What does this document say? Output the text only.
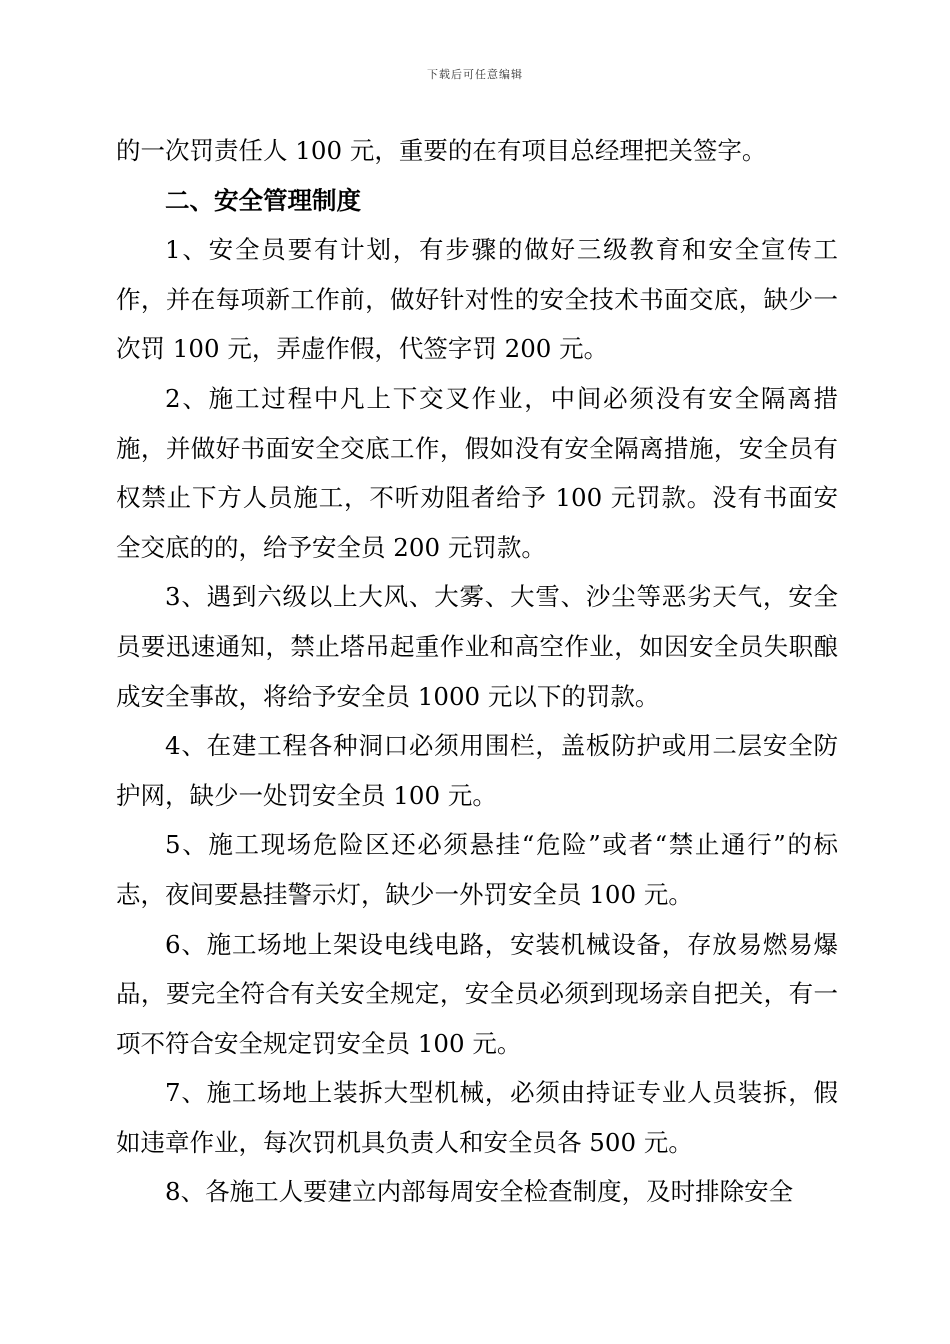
下载后可任意编辑

的一次罚责任人 100 元，重要的在有项目总经理把关签字。

二、安全管理制度

1、安全员要有计划，有步骤的做好三级教育和安全宣传工作，并在每项新工作前，做好针对性的安全技术书面交底，缺少一次罚 100 元，弄虚作假，代签字罚 200 元。

2、施工过程中凡上下交叉作业，中间必须没有安全隔离措施，并做好书面安全交底工作，假如没有安全隔离措施，安全员有权禁止下方人员施工，不听劝阻者给予 100 元罚款。没有书面安全交底的的，给予安全员 200 元罚款。

3、遇到六级以上大风、大雾、大雪、沙尘等恶劣天气，安全员要迅速通知，禁止塔吊起重作业和高空作业，如因安全员失职酿成安全事故，将给予安全员 1000 元以下的罚款。

4、在建工程各种洞口必须用围栏，盖板防护或用二层安全防护网，缺少一处罚安全员 100 元。

5、施工现场危险区还必须悬挂“危险”或者“禁止通行”的标志，夜间要悬挂警示灯，缺少一外罚安全员 100 元。

6、施工场地上架设电线电路，安装机械设备，存放易燃易爆品，要完全符合有关安全规定，安全员必须到现场亲自把关，有一项不符合安全规定罚安全员 100 元。

7、施工场地上装拆大型机械，必须由持证专业人员装拆，假如违章作业，每次罚机具负责人和安全员各 500 元。

8、各施工人要建立内部每周安全检查制度，及时排除安全
